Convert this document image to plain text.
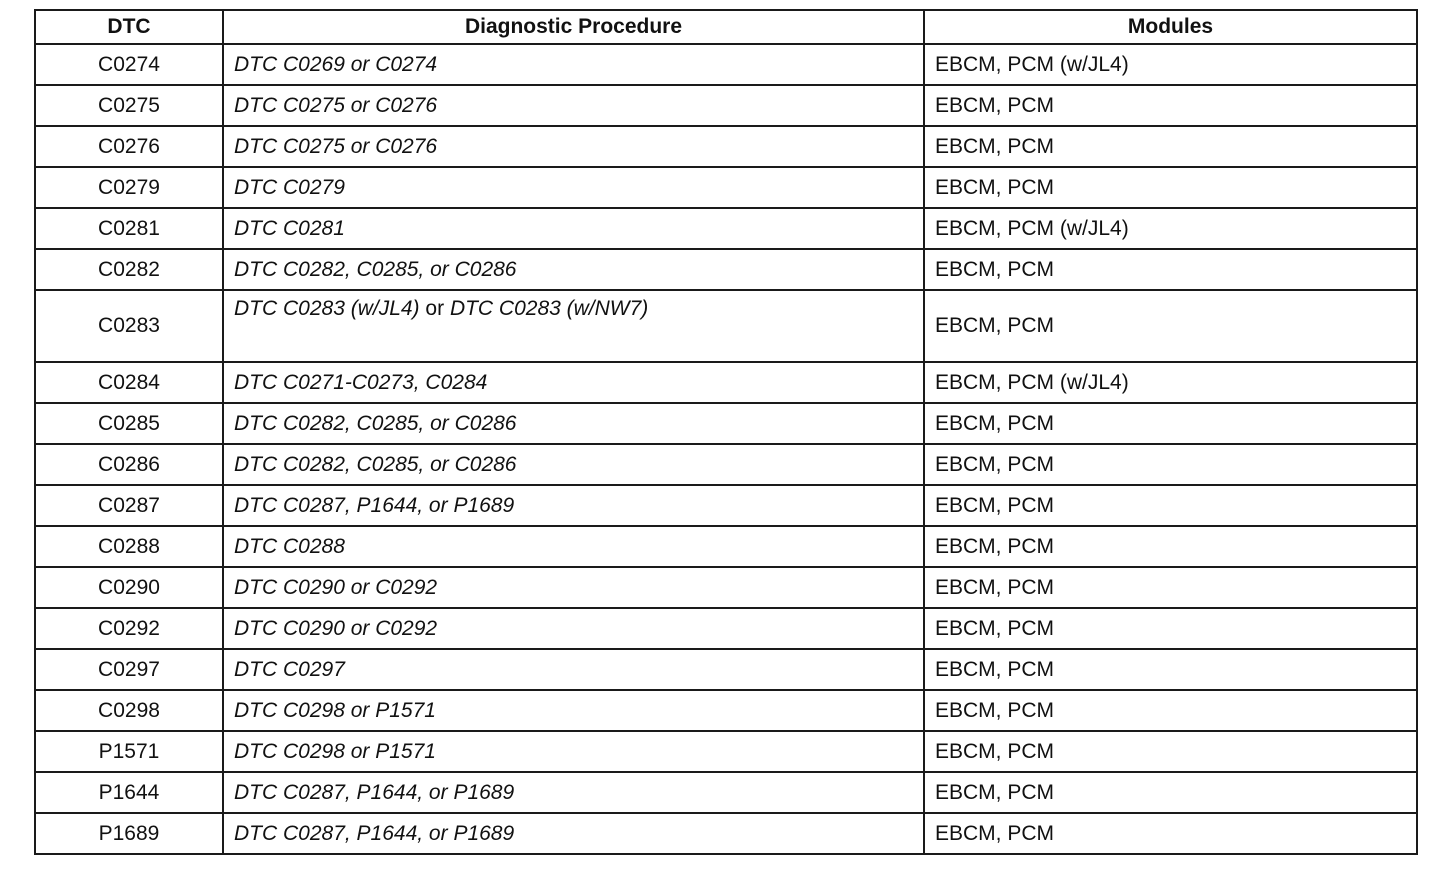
DTC	Diagnostic Procedure	Modules
C0274	DTC C0269 or C0274	EBCM, PCM (w/JL4)
C0275	DTC C0275 or C0276	EBCM, PCM
C0276	DTC C0275 or C0276	EBCM, PCM
C0279	DTC C0279	EBCM, PCM
C0281	DTC C0281	EBCM, PCM (w/JL4)
C0282	DTC C0282, C0285, or C0286	EBCM, PCM
C0283	DTC C0283 (w/JL4) or DTC C0283 (w/NW7)	EBCM, PCM
C0284	DTC C0271-C0273, C0284	EBCM, PCM (w/JL4)
C0285	DTC C0282, C0285, or C0286	EBCM, PCM
C0286	DTC C0282, C0285, or C0286	EBCM, PCM
C0287	DTC C0287, P1644, or P1689	EBCM, PCM
C0288	DTC C0288	EBCM, PCM
C0290	DTC C0290 or C0292	EBCM, PCM
C0292	DTC C0290 or C0292	EBCM, PCM
C0297	DTC C0297	EBCM, PCM
C0298	DTC C0298 or P1571	EBCM, PCM
P1571	DTC C0298 or P1571	EBCM, PCM
P1644	DTC C0287, P1644, or P1689	EBCM, PCM
P1689	DTC C0287, P1644, or P1689	EBCM, PCM
